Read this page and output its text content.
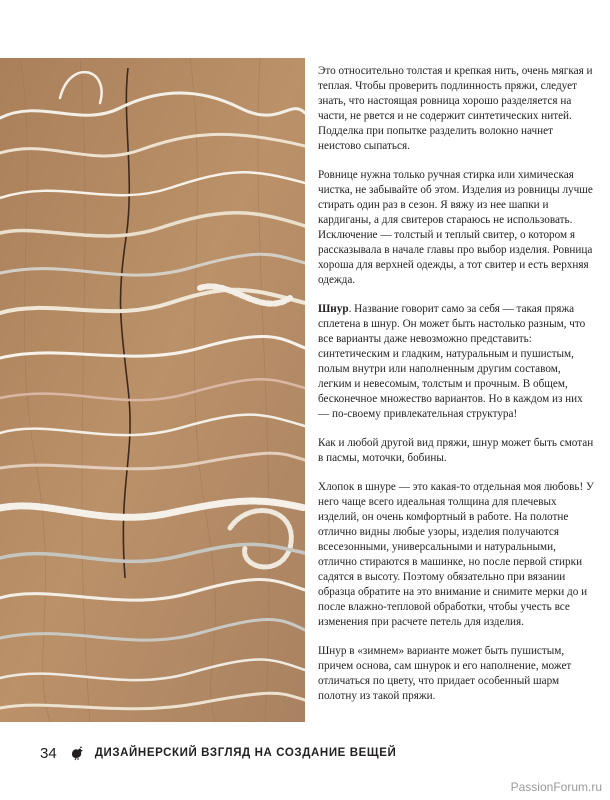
Это относительно толстая и крепкая нить, очень мягкая и теплая. Чтобы проверить подлинность пряжи, следует знать, что настоящая ровница хорошо разделяется на части, не рвется и не содержит синтетических нитей. Подделка при попытке разделить волокно начнет неистово сыпаться.

Ровнице нужна только ручная стирка или химическая чистка, не забывайте об этом. Изделия из ровницы лучше стирать один раз в сезон. Я вяжу из нее шапки и кардиганы, а для свитеров стараюсь не использовать. Исключение — толстый и теплый свитер, о котором я рассказывала в начале главы про выбор изделия. Ровница хороша для верхней одежды, а тот свитер и есть верхняя одежда.

Шнур. Название говорит само за себя — такая пряжа сплетена в шнур. Он может быть настолько разным, что все варианты даже невозможно представить: синтетическим и гладким, натуральным и пушистым, полым внутри или наполненным другим составом, легким и невесомым, толстым и прочным. В общем, бесконечное множество вариантов. Но в каждом из них — по-своему привлекательная структура!

Как и любой другой вид пряжи, шнур может быть смотан в пасмы, моточки, бобины.

Хлопок в шнуре — это какая-то отдельная моя любовь! У него чаще всего идеальная толщина для плечевых изделий, он очень комфортный в работе. На полотне отлично видны любые узоры, изделия получаются всесезонными, универсальными и натуральными, отлично стираются в машинке, но после первой стирки садятся в высоту. Поэтому обязательно при вязании образца обратите на это внимание и снимите мерки до и после влажно-тепловой обработки, чтобы учесть все изменения при расчете петель для изделия.

Шнур в «зимнем» варианте может быть пушистым, причем основа, сам шнурок и его наполнение, может отличаться по цвету, что придает особенный шарм полотну из такой пряжи.

34	ДИЗАЙНЕРСКИЙ ВЗГЛЯД НА СОЗДАНИЕ ВЕЩЕЙ
PassionForum.ru
